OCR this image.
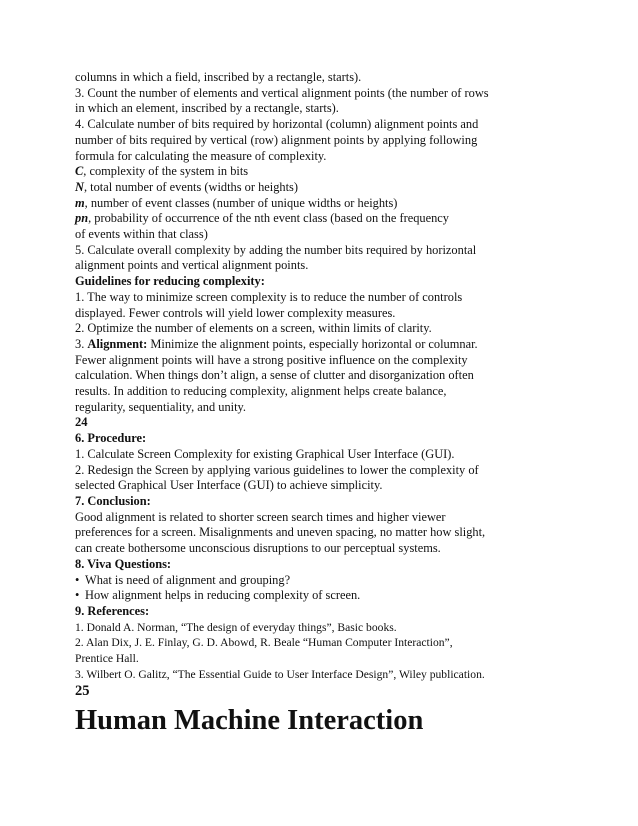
columns in which a field, inscribed by a rectangle, starts).
3. Count the number of elements and vertical alignment points (the number of rows
in which an element, inscribed by a rectangle, starts).
4. Calculate number of bits required by horizontal (column) alignment points and
number of bits required by vertical (row) alignment points by applying following
formula for calculating the measure of complexity.
C, complexity of the system in bits
N, total number of events (widths or heights)
m, number of event classes (number of unique widths or heights)
pn, probability of occurrence of the nth event class (based on the frequency
of events within that class)
5. Calculate overall complexity by adding the number bits required by horizontal
alignment points and vertical alignment points.
Guidelines for reducing complexity:
1. The way to minimize screen complexity is to reduce the number of controls
displayed. Fewer controls will yield lower complexity measures.
2. Optimize the number of elements on a screen, within limits of clarity.
3. Alignment: Minimize the alignment points, especially horizontal or columnar.
Fewer alignment points will have a strong positive influence on the complexity
calculation. When things don’t align, a sense of clutter and disorganization often
results. In addition to reducing complexity, alignment helps create balance,
regularity, sequentiality, and unity.
24
6. Procedure:
1. Calculate Screen Complexity for existing Graphical User Interface (GUI).
2. Redesign the Screen by applying various guidelines to lower the complexity of
selected Graphical User Interface (GUI) to achieve simplicity.
7. Conclusion:
Good alignment is related to shorter screen search times and higher viewer
preferences for a screen. Misalignments and uneven spacing, no matter how slight,
can create bothersome unconscious disruptions to our perceptual systems.
8. Viva Questions:
• What is need of alignment and grouping?
• How alignment helps in reducing complexity of screen.
9. References:
1. Donald A. Norman, “The design of everyday things”, Basic books.
2. Alan Dix, J. E. Finlay, G. D. Abowd, R. Beale “Human Computer Interaction”,
Prentice Hall.
3. Wilbert O. Galitz, “The Essential Guide to User Interface Design”, Wiley publication.
25
Human Machine Interaction
